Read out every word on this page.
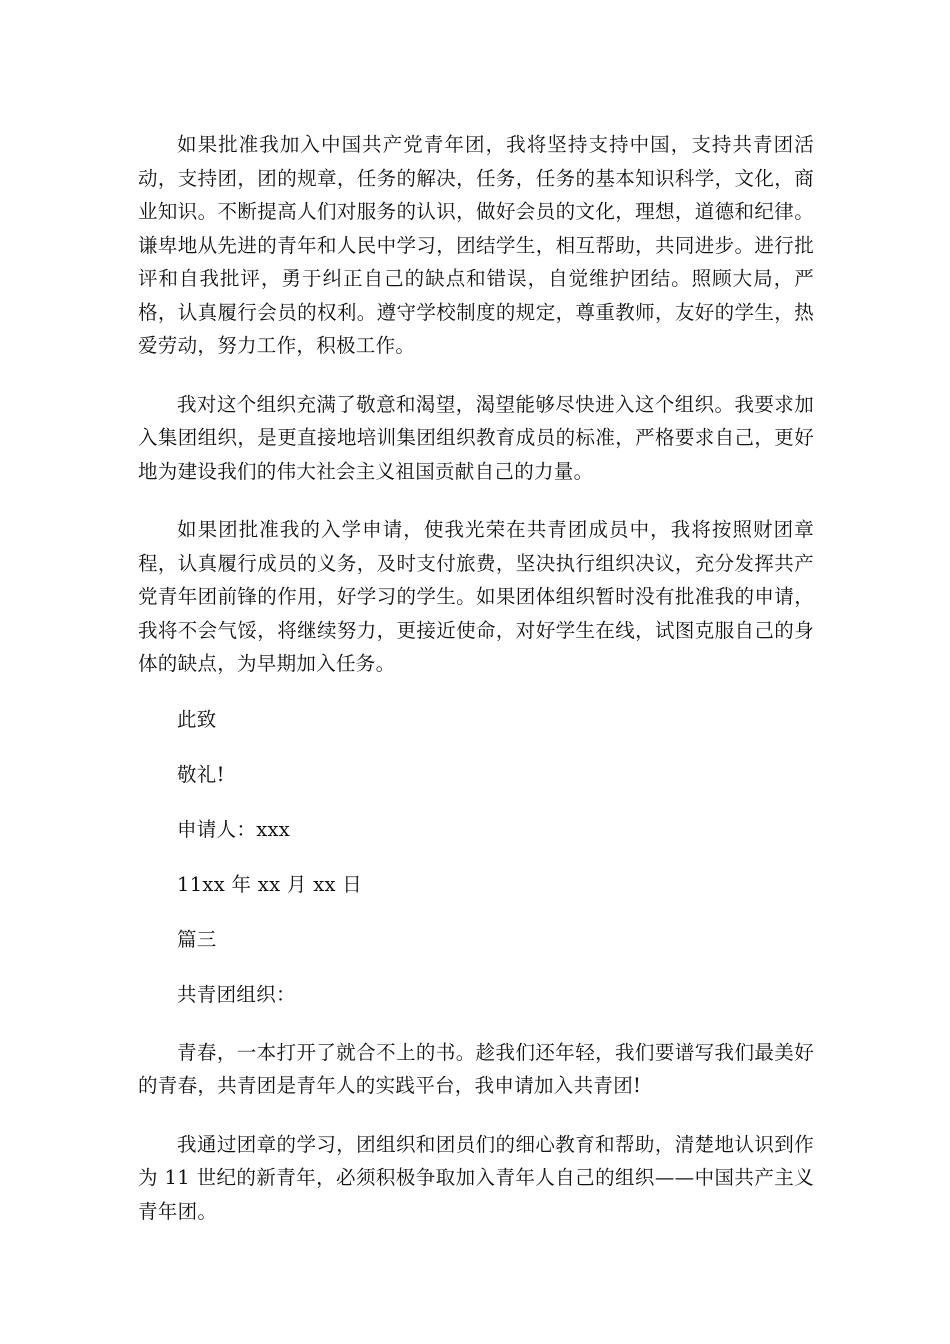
如果批准我加入中国共产党青年团，我将坚持支持中国，支持共青团活动，支持团，团的规章，任务的解决，任务，任务的基本知识科学，文化，商业知识。不断提高人们对服务的认识，做好会员的文化，理想，道德和纪律。谦卑地从先进的青年和人民中学习，团结学生，相互帮助，共同进步。进行批评和自我批评，勇于纠正自己的缺点和错误，自觉维护团结。照顾大局，严格，认真履行会员的权利。遵守学校制度的规定，尊重教师，友好的学生，热爱劳动，努力工作，积极工作。

我对这个组织充满了敬意和渴望，渴望能够尽快进入这个组织。我要求加入集团组织，是更直接地培训集团组织教育成员的标准，严格要求自己，更好地为建设我们的伟大社会主义祖国贡献自己的力量。

如果团批准我的入学申请，使我光荣在共青团成员中，我将按照财团章程，认真履行成员的义务，及时支付旅费，坚决执行组织决议，充分发挥共产党青年团前锋的作用，好学习的学生。如果团体组织暂时没有批准我的申请，我将不会气馁，将继续努力，更接近使命，对好学生在线，试图克服自己的身体的缺点，为早期加入任务。

此致

敬礼!

申请人：xxx

11xx 年 xx 月 xx 日

篇三

共青团组织：

青春，一本打开了就合不上的书。趁我们还年轻，我们要谱写我们最美好的青春，共青团是青年人的实践平台，我申请加入共青团!

我通过团章的学习，团组织和团员们的细心教育和帮助，清楚地认识到作为 11 世纪的新青年，必须积极争取加入青年人自己的组织——中国共产主义青年团。
